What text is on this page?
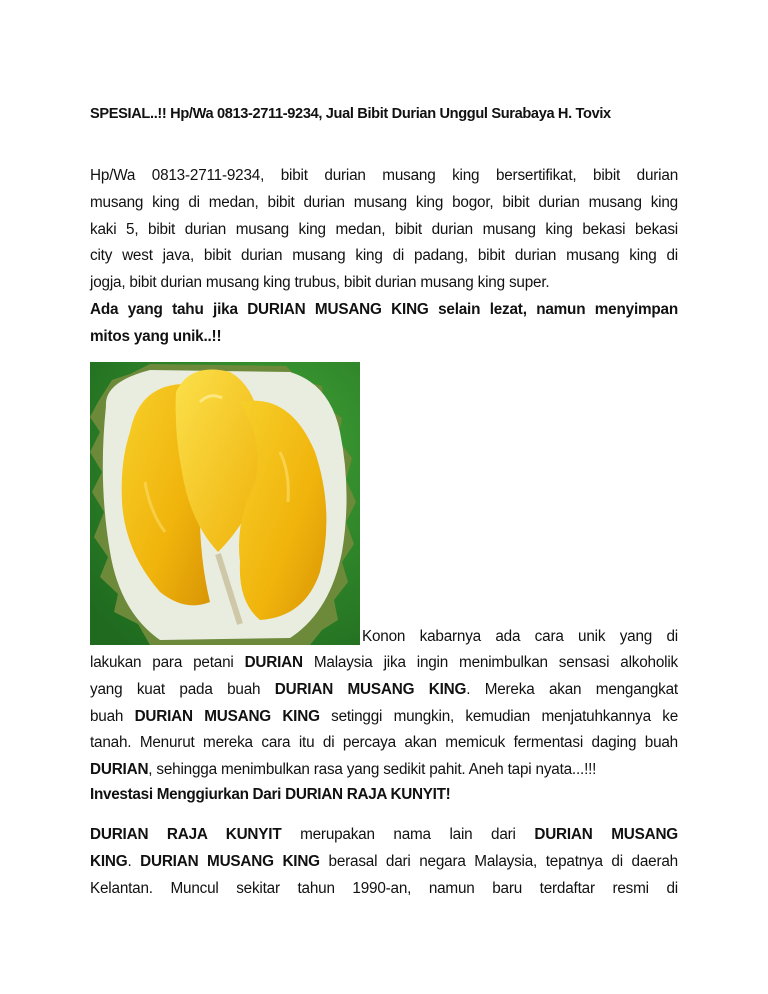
SPESIAL..!! Hp/Wa 0813-2711-9234, Jual Bibit Durian Unggul Surabaya H. Tovix

Hp/Wa 0813-2711-9234, bibit durian musang king bersertifikat, bibit durian
musang king di medan, bibit durian musang king bogor, bibit durian musang king
kaki 5, bibit durian musang king medan, bibit durian musang king bekasi bekasi
city west java, bibit durian musang king di padang, bibit durian musang king di
jogja, bibit durian musang king trubus, bibit durian musang king super.

Ada yang tahu jika DURIAN MUSANG KING selain lezat, namun menyimpan
mitos yang unik..!!

Konon kabarnya ada cara unik yang di

lakukan para petani DURIAN Malaysia jika ingin menimbulkan sensasi alkoholik
yang kuat pada buah DURIAN MUSANG KING. Mereka akan mengangkat
buah DURIAN MUSANG KING setinggi mungkin, kemudian menjatuhkannya ke
tanah. Menurut mereka cara itu di percaya akan memicuk fermentasi daging buah
DURIAN, sehingga menimbulkan rasa yang sedikit pahit. Aneh tapi nyata...!!!

Investasi Menggiurkan Dari DURIAN RAJA KUNYIT!

DURIAN RAJA KUNYIT merupakan nama lain dari DURIAN MUSANG
KING. DURIAN MUSANG KING berasal dari negara Malaysia, tepatnya di daerah
Kelantan. Muncul sekitar tahun 1990-an, namun baru terdaftar resmi di
